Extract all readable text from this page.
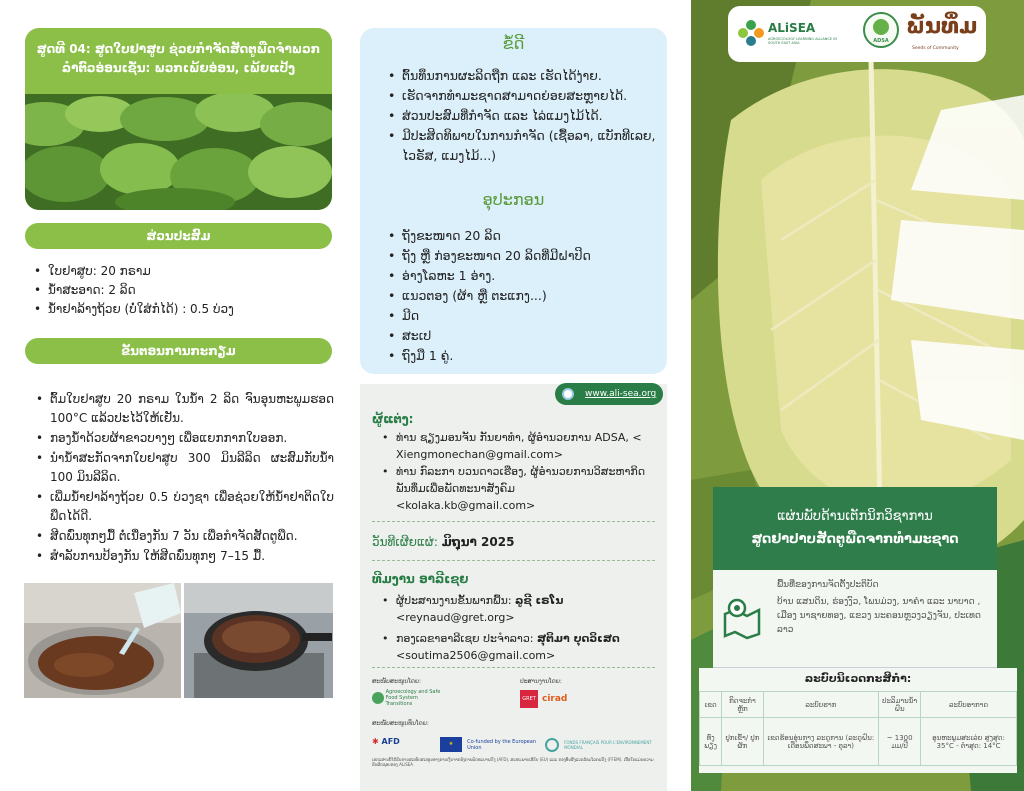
ສູດທີ 04: ສູດໃບຢາສູບ ຊ່ວຍກຳຈັດສັດຕູພືດຈຳພວກລຳຕົວອ່ອນເຊັ່ນ: ພວກເພ້ຍອ່ອນ, ເພ້ຍແປ້ງ
ສ່ວນປະສົມ
• ໃບຢາສູບ: 20 ກຣາມ
• ນ້ຳສະອາດ: 2 ລິດ
• ນ້ຳຢາລ້າງຖ້ວຍ (ບໍ່ໃສ່ກໍໄດ້) : 0.5 ບ່ວງ
ຂັ້ນຕອນການກະກຽມ
• ຕົ້ມໃບຢາສູບ 20 ກຣາມ ໃນນ້ຳ 2 ລິດ ຈົນອຸນຫະພູມຮອດ 100°C ແລ້ວປະໄວ້ໃຫ້ເຢັນ.
• ກອງນ້ຳດ້ວຍຜ້າຂາວບາງໆ ເພື່ອແຍກກາກໃບອອກ.
• ນຳນ້ຳສະກັດຈາກໃບຢາສູບ 300 ມິນລີລິດ ຜະສົມກັບນ້ຳ 100 ມິນລີລິດ.
• ເພີ່ມນ້ຳຢາລ້າງຖ້ວຍ 0.5 ບ່ວງຊາ ເພື່ອຊ່ວຍໃຫ້ນ້ຳຢາຕິດໃບພືດໄດ້ດີ.
• ສີດພົ່ນທຸກໆມື້ ຕໍ່ເນື່ອງກັນ 7 ວັນ ເພື່ອກຳຈັດສັດຕູພືດ.
• ສຳລັບການປ້ອງກັນ ໃຫ້ສີດພົ່ນທຸກໆ 7–15 ມື້.
ຂໍ້ດີ
• ຕົ້ນທຶນການຜະລິດຖືກ ແລະ ເຮັດໄດ້ງ່າຍ.
• ເຮັດຈາກທຳມະຊາດສາມາດຍ່ອຍສະຫຼາຍໄດ້.
• ສ່ວນປະສົມທີ່ກຳຈັດ ແລະ ໄລ່ແມງໄມ້ໄດ້.
• ມີປະສິດທິພາບໃນການກຳຈັດ (ເຊື້ອລາ, ແບັກທີເລຍ, ໄວຣັສ, ແມງໄມ້...)
ອຸປະກອນ
• ຖັງຂະໜາດ 20 ລິດ
• ຖັງ ຫຼື ກ່ອງຂະໜາດ 20 ລິດທີ່ມີຝາປິດ
• ອ່າງໂລຫະ 1 ອ່າງ.
• ແນວຕອງ (ຜ້າ ຫຼື ຕະແກງ...)
• ມີດ
• ສະເປ
• ຖົງມື 1 ຄູ່.
www.ali-sea.org
ຜູ້ແຕ່ງ:
• ທ່ານ ຊຽງມອນຈັນ ກັນຍາທຳ, ຜູ້ອຳນວຍການ ADSA, < Xiengmonechan@gmail.com>
• ທ່ານ ກົລະກາ ບວນດາວເຮືອງ, ຜູ້ອຳນວຍການວິສະຫາກິດພັນທຶ່ມເພື່ອພັດທະນາສັງຄົມ <kolaka.kb@gmail.com>
ວັນທີເຜີຍແຜ່: ມິຖຸນາ 2025
ທີມງານ ອາລີເຊຍ
• ຜູ້ປະສານງານຂັ້ນພາກພື້ນ: ລູຊີ ເຣໂນ
<reynaud@gret.org>
• ກອງເລຂາອາລີເຊຍ ປະຈຳລາວ: ສຸຕິມາ ບຸດວິເສດ
<soutima2506@gmail.com>
ສະໜັບສະໜູນໂດຍ:
Agroecology and Safe Food System Transitions
ປະສານງານໂດຍ:
GRET cirad
ສະໜັບສະໜູນທຶນໂດຍ:
✱ AFD	★	Co-funded by the European Union
FONDS FRANÇAIS POUR L'ENVIRONNEMENT MONDIAL
ເອກະສານນີ້ໄດ້ຮັບການສະໜັບສະໜູນທາງການເງິນຈາກອົງການພັດທະນາຝຣັ່ງ (AFD), ສະຫະພາບເອີຣົບ (EU) ແລະ ກອງທຶນສິ່ງແວດລ້ອມໂລກຝຣັ່ງ (FFEM). ເນື້ອໃນແມ່ນຄວາມຮັບຜິດຊອບຂອງ ALiSEA
ALiSEA
AGROECOLOGY LEARNING ALLIANCE IN SOUTH EAST ASIA	ADSA
ພັນທຶ່ມ
Seeds of Community
ແຜ່ນພັບດ້ານເຕັກນິກວິຊາການ
ສູດຢາປາບສັດຕູພືດຈາກທຳມະຊາດ
ພື້ນທີ່ຂອງການຈັດຕັ້ງປະຕິບັດ
ບ້ານ ແສນດິນ, ຮ່ອງງົວ, ໂພນມ່ວງ, ນາຄຳ ແລະ ນາບາດ , ເມືອງ ນາຊາຍທອງ, ແຂວງ ນະຄອນຫຼວງວຽງຈັນ, ປະເທດ ລາວ
ລະບົບນິເວດກະສິກຳ:
ເຂດ	ກິດຈະກຳຫຼັກ	ລະບົບຮາກ	ປະລິມານນ້ຳຝົນ	ລະບົບອາກາດ
ທົ່ງພຽງ	ປູກເຂົ້າ/ ປູກຜັກ	ເຂດຮ້ອນອຸ່ນກາງ ລະດູການ (ລະດູຝົນ: ເດືອນພຶດສະພາ - ຕຸລາ)	~ 1300 ມມ/ປີ	ອຸນຫະພູມສະເລ່ຍ ສູງສຸດ: 35°C - ຕ່ຳສຸດ: 14°C
